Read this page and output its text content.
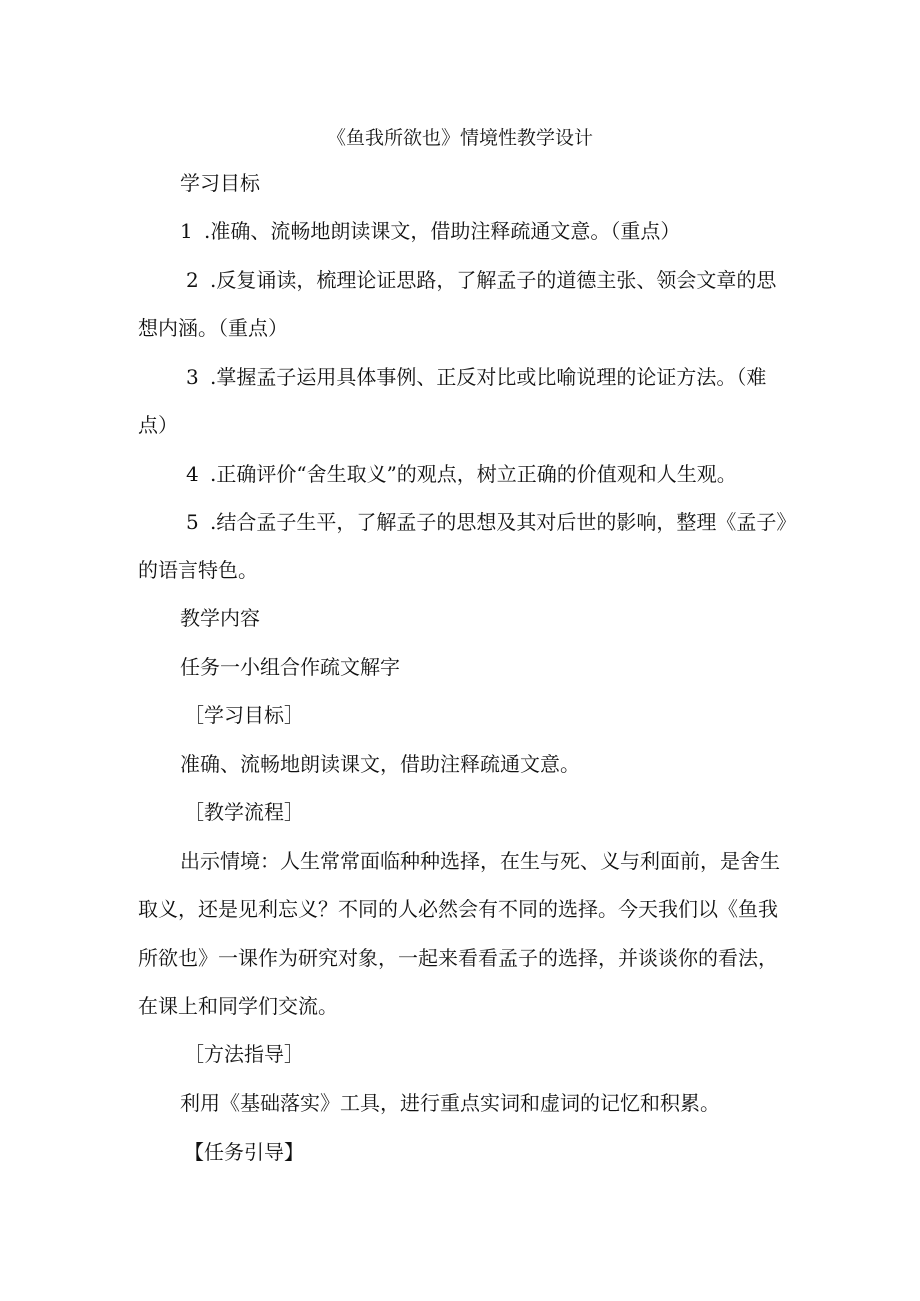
《鱼我所欲也》情境性教学设计
学习目标
1 .准确、流畅地朗读课文，借助注释疏通文意。（重点）
2 .反复诵读，梳理论证思路，了解孟子的道德主张、领会文章的思
想内涵。（重点）
3 .掌握孟子运用具体事例、正反对比或比喻说理的论证方法。（难
点）
4 .正确评价“舍生取义”的观点，树立正确的价值观和人生观。
5 .结合孟子生平，了解孟子的思想及其对后世的影响，整理《孟子》
的语言特色。
教学内容
任务一小组合作疏文解字
［学习目标］
准确、流畅地朗读课文，借助注释疏通文意。
［教学流程］
出示情境：人生常常面临种种选择，在生与死、义与利面前，是舍生
取义，还是见利忘义？不同的人必然会有不同的选择。今天我们以《鱼我
所欲也》一课作为研究对象，一起来看看孟子的选择，并谈谈你的看法，
在课上和同学们交流。
［方法指导］
利用《基础落实》工具，进行重点实词和虚词的记忆和积累。
【任务引导】
